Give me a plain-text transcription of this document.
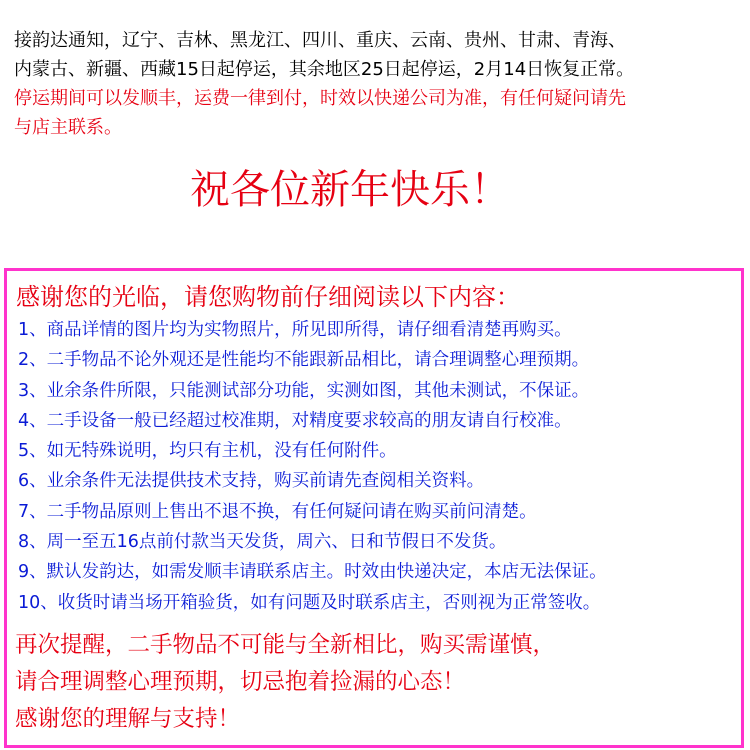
接韵达通知，辽宁、吉林、黑龙江、四川、重庆、云南、贵州、甘肃、青海、
内蒙古、新疆、西藏15日起停运，其余地区25日起停运，2月14日恢复正常。
停运期间可以发顺丰，运费一律到付，时效以快递公司为准，有任何疑问请先
与店主联系。
祝各位新年快乐！
感谢您的光临，请您购物前仔细阅读以下内容：
1、商品详情的图片均为实物照片，所见即所得，请仔细看清楚再购买。
2、二手物品不论外观还是性能均不能跟新品相比，请合理调整心理预期。
3、业余条件所限，只能测试部分功能，实测如图，其他未测试，不保证。
4、二手设备一般已经超过校准期，对精度要求较高的朋友请自行校准。
5、如无特殊说明，均只有主机，没有任何附件。
6、业余条件无法提供技术支持，购买前请先查阅相关资料。
7、二手物品原则上售出不退不换，有任何疑问请在购买前问清楚。
8、周一至五16点前付款当天发货，周六、日和节假日不发货。
9、默认发韵达，如需发顺丰请联系店主。时效由快递决定，本店无法保证。
10、收货时请当场开箱验货，如有问题及时联系店主，否则视为正常签收。
再次提醒，二手物品不可能与全新相比，购买需谨慎，
请合理调整心理预期，切忌抱着捡漏的心态！
感谢您的理解与支持！
